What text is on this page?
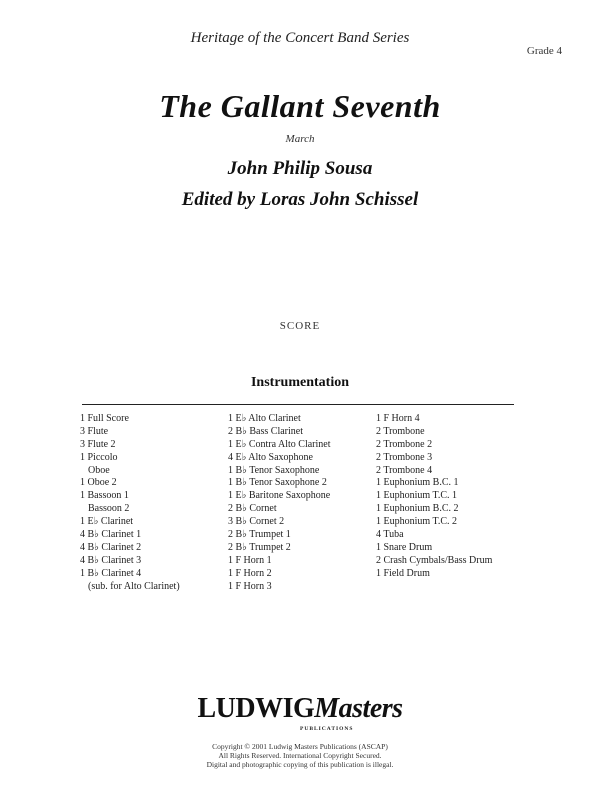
Heritage of the Concert Band Series
Grade 4
The Gallant Seventh
March
John Philip Sousa
Edited by Loras John Schissel
SCORE
Instrumentation
1 Full Score
3 Flute
3 Flute 2
1 Piccolo
Oboe
1 Oboe 2
1 Bassoon 1
Bassoon 2
1 E♭ Clarinet
4 B♭ Clarinet 1
4 B♭ Clarinet 2
4 B♭ Clarinet 3
1 B♭ Clarinet 4
(sub. for Alto Clarinet)
1 E♭ Alto Clarinet
2 B♭ Bass Clarinet
1 E♭ Contra Alto Clarinet
4 E♭ Alto Saxophone
1 B♭ Tenor Saxophone
1 B♭ Tenor Saxophone 2
1 E♭ Baritone Saxophone
2 B♭ Cornet
3 B♭ Cornet 2
2 B♭ Trumpet 1
2 B♭ Trumpet 2
1 F Horn 1
1 F Horn 2
1 F Horn 3
1 F Horn 4
2 Trombone
2 Trombone 2
2 Trombone 3
2 Trombone 4
1 Euphonium B.C. 1
1 Euphonium T.C. 1
1 Euphonium B.C. 2
1 Euphonium T.C. 2
4 Tuba
1 Snare Drum
2 Crash Cymbals/Bass Drum
1 Field Drum
LUDWIGMasters
PUBLICATIONS
Copyright © 2001 Ludwig Masters Publications (ASCAP)
All Rights Reserved. International Copyright Secured.
Digital and photographic copying of this publication is illegal.
